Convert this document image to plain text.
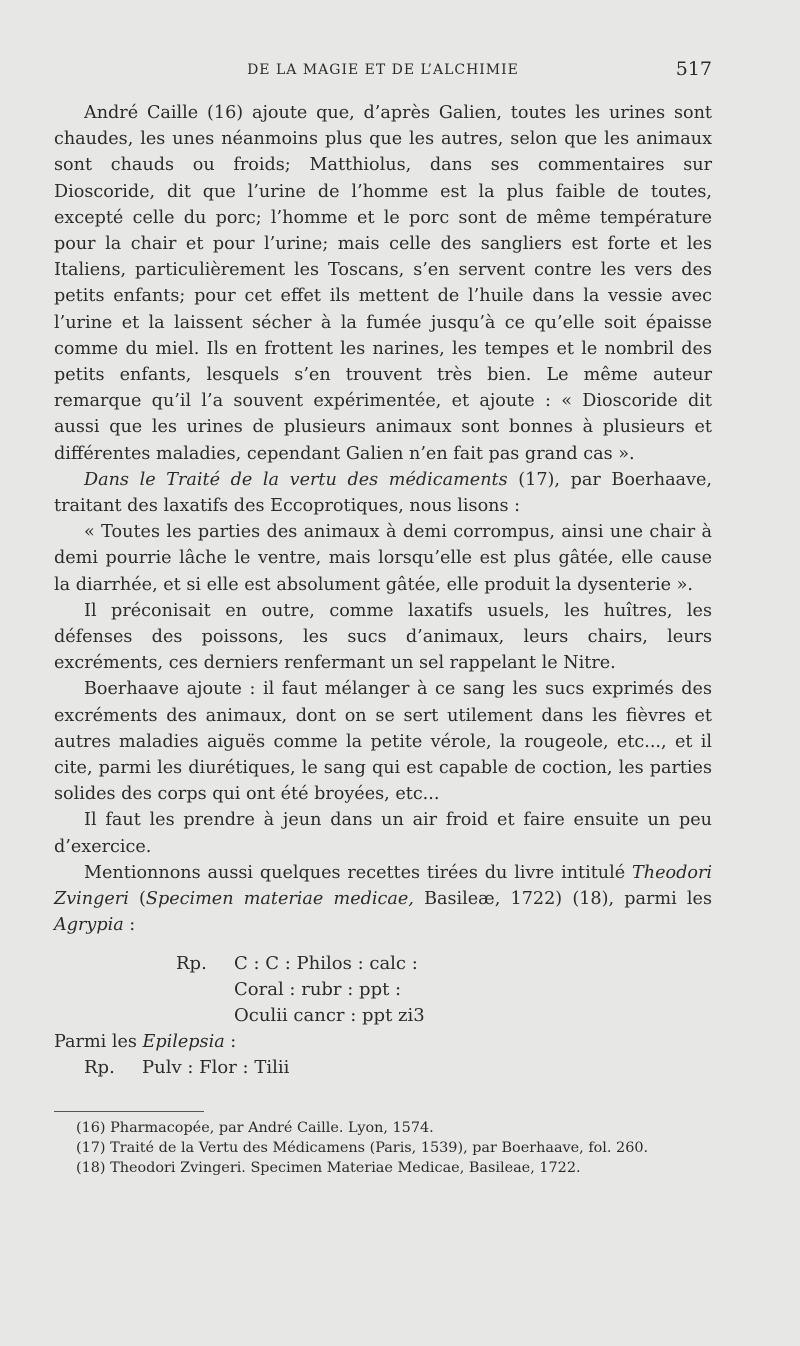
DE LA MAGIE ET DE L’ALCHIMIE	517

André Caille (16) ajoute que, d’après Galien, toutes les urines sont chaudes, les unes néanmoins plus que les autres, selon que les animaux sont chauds ou froids; Matthiolus, dans ses commentaires sur Dioscoride, dit que l’urine de l’homme est la plus faible de toutes, excepté celle du porc; l’homme et le porc sont de même température pour la chair et pour l’urine; mais celle des sangliers est forte et les Italiens, particulièrement les Toscans, s’en servent contre les vers des petits enfants; pour cet effet ils mettent de l’huile dans la vessie avec l’urine et la laissent sécher à la fumée jusqu’à ce qu’elle soit épaisse comme du miel. Ils en frottent les narines, les tempes et le nombril des petits enfants, lesquels s’en trouvent très bien. Le même auteur remarque qu’il l’a souvent expérimentée, et ajoute : « Dioscoride dit aussi que les urines de plusieurs animaux sont bonnes à plusieurs et différentes maladies, cependant Galien n’en fait pas grand cas ».

Dans le Traité de la vertu des médicaments (17), par Boerhaave, traitant des laxatifs des Eccoprotiques, nous lisons :

« Toutes les parties des animaux à demi corrompus, ainsi une chair à demi pourrie lâche le ventre, mais lorsqu’elle est plus gâtée, elle cause la diarrhée, et si elle est absolument gâtée, elle produit la dysenterie ».

Il préconisait en outre, comme laxatifs usuels, les huîtres, les défenses des poissons, les sucs d’animaux, leurs chairs, leurs excréments, ces derniers renfermant un sel rappelant le Nitre.

Boerhaave ajoute : il faut mélanger à ce sang les sucs exprimés des excréments des animaux, dont on se sert utilement dans les fièvres et autres maladies aiguës comme la petite vérole, la rougeole, etc..., et il cite, parmi les diurétiques, le sang qui est capable de coction, les parties solides des corps qui ont été broyées, etc...

Il faut les prendre à jeun dans un air froid et faire ensuite un peu d’exercice.

Mentionnons aussi quelques recettes tirées du livre intitulé Theodori Zvingeri (Specimen materiae medicae, Basileæ, 1722) (18), parmi les Agrypia :

Rp.	C : C : Philos : calc :
Coral : rubr : ppt :
Oculii cancr : ppt zi3

Parmi les Epilepsia :

Rp.	Pulv : Flor : Tilii
(16) Pharmacopée, par André Caille. Lyon, 1574.
(17) Traité de la Vertu des Médicamens (Paris, 1539), par Boerhaave, fol. 260.
(18) Theodori Zvingeri. Specimen Materiae Medicae, Basileae, 1722.
